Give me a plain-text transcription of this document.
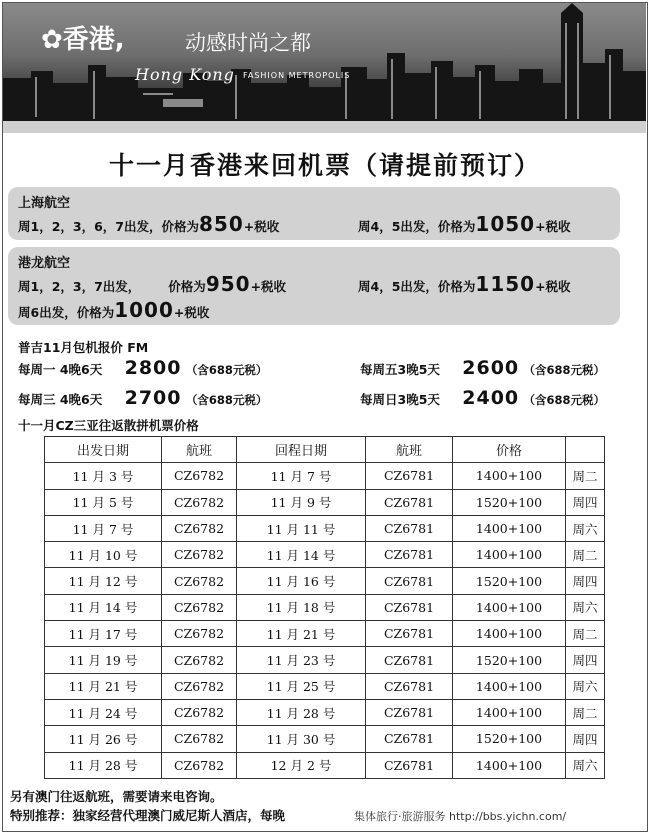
✿香港,	动感时尚之都
Hong Kong FASHION METROPOLIS
十一月香港来回机票（请提前预订）
上海航空
周1，2，3，6，7出发，价格为850+税收	周4，5出发，价格为1050+税收
港龙航空
周1，2，3，7出发， 价格为950+税收	周4，5出发，价格为1150+税收
周6出发，价格为1000+税收
普吉11月包机报价 FM
每周一 4晚6天 2800 （含688元税）	每周五3晚5天 2600 （含688元税）
每周三 4晚6天 2700 （含688元税）	每周日3晚5天 2400 （含688元税）
十一月CZ三亚往返散拼机票价格
出发日期	航班	回程日期	航班	价格	
11 月 3 号	CZ6782	11 月 7 号	CZ6781	1400+100	周二
11 月 5 号	CZ6782	11 月 9 号	CZ6781	1520+100	周四
11 月 7 号	CZ6782	11 月 11 号	CZ6781	1400+100	周六
11 月 10 号	CZ6782	11 月 14 号	CZ6781	1400+100	周二
11 月 12 号	CZ6782	11 月 16 号	CZ6781	1520+100	周四
11 月 14 号	CZ6782	11 月 18 号	CZ6781	1400+100	周六
11 月 17 号	CZ6782	11 月 21 号	CZ6781	1400+100	周二
11 月 19 号	CZ6782	11 月 23 号	CZ6781	1520+100	周四
11 月 21 号	CZ6782	11 月 25 号	CZ6781	1400+100	周六
11 月 24 号	CZ6782	11 月 28 号	CZ6781	1400+100	周二
11 月 26 号	CZ6782	11 月 30 号	CZ6781	1520+100	周四
11 月 28 号	CZ6782	12 月 2 号	CZ6781	1400+100	周六
另有澳门往返航班，需要请来电咨询。
特别推荐：独家经营代理澳门威尼斯人酒店，每晚	集体旅行·旅游服务 http://bbs.yichn.com/
